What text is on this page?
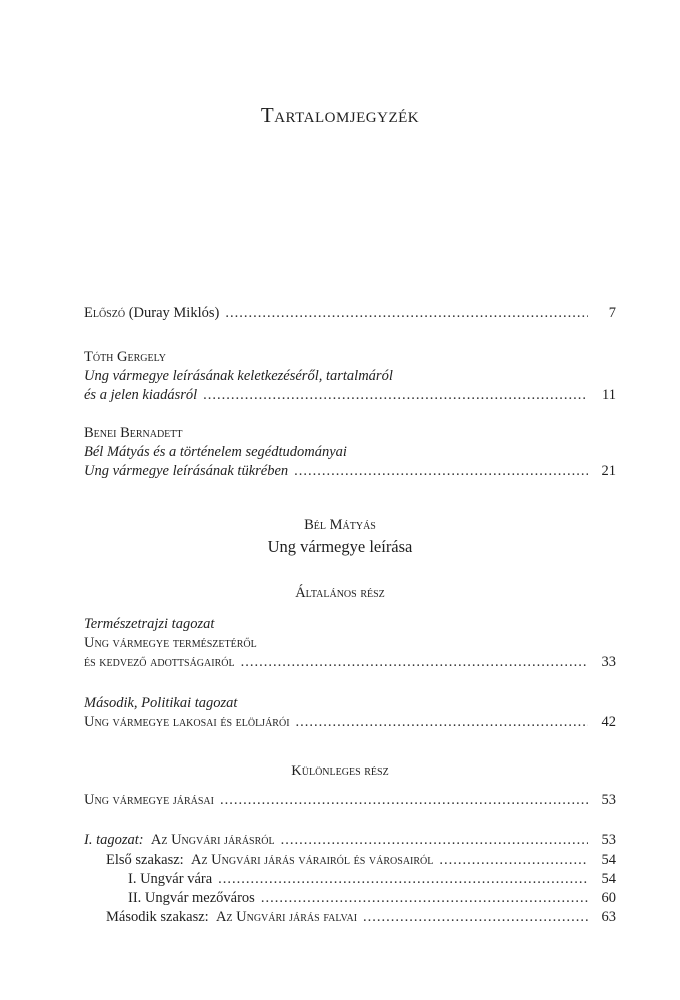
Tartalomjegyzék
Előszó (Duray Miklós) .....	7
Tóth Gergely
Ung vármegye leírásának keletkezéséről, tartalmáról
és a jelen kiadásról .....	11
Benei Bernadett
Bél Mátyás és a történelem segédtudományai
Ung vármegye leírásának tükrében .....	21
Bél Mátyás
Ung vármegye leírása
Általános rész
Természetrajzi tagozat
Ung vármegye természetéről
és kedvező adottságairól .....	33
Második, Politikai tagozat
Ung vármegye lakosai és elöljárói .....	42
Különleges rész
Ung vármegye járásai .....	53
I. tagozat: Az Ungvári járásról .....	53
Első szakasz: Az Ungvári járás várairól és városairól .....	54
I. Ungvár vára .....	54
II. Ungvár mezőváros .....	60
Második szakasz: Az Ungvári járás falvai .....	63
